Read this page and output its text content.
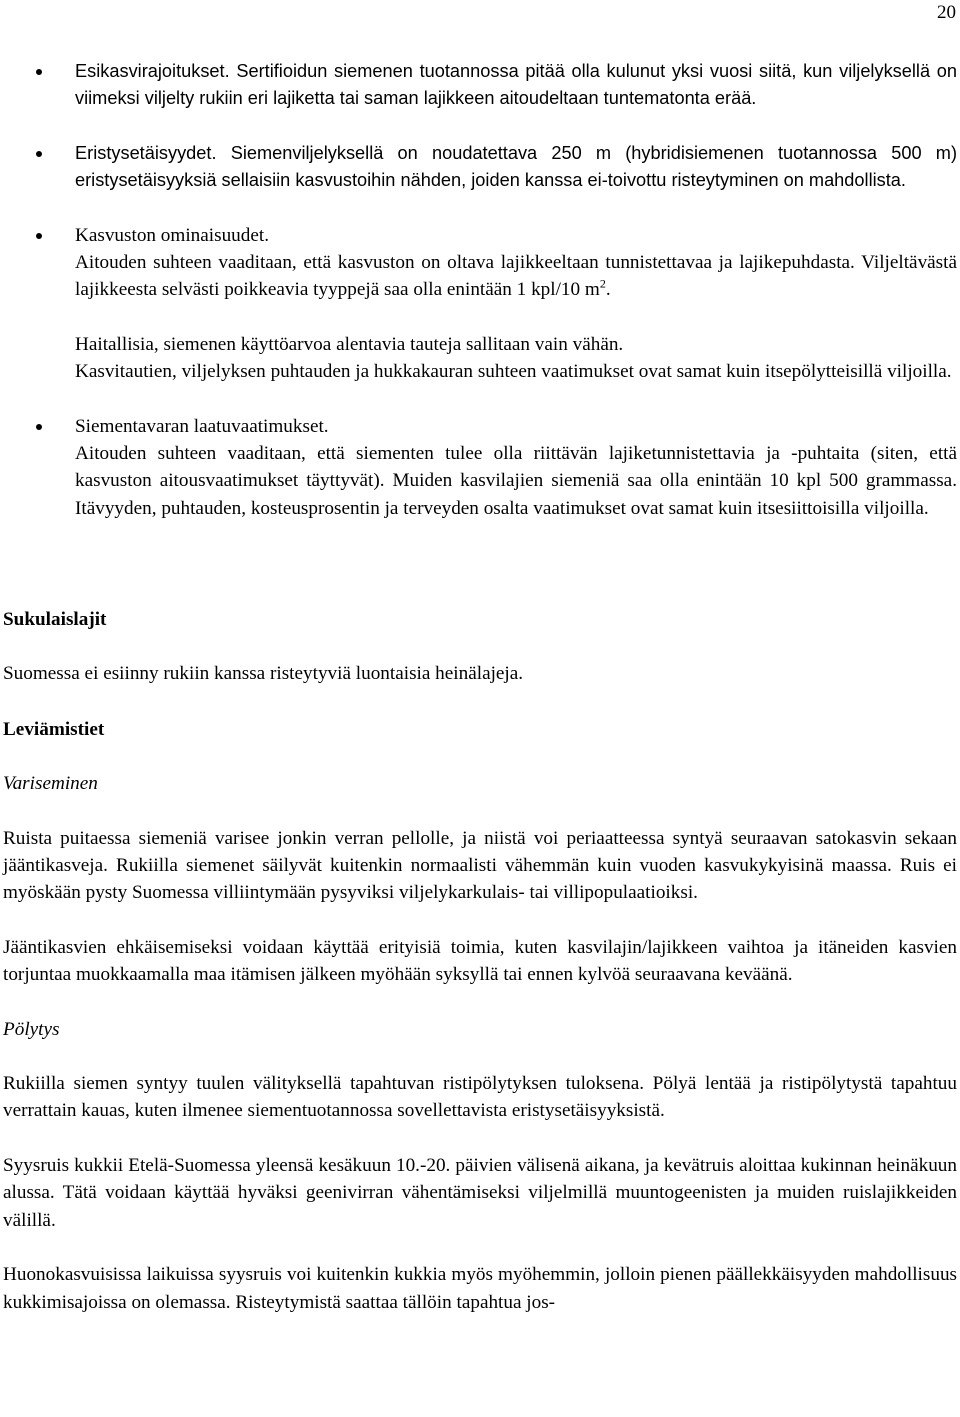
20

Esikasvirajoitukset. Sertifioidun siemenen tuotannossa pitää olla kulunut yksi vuosi siitä, kun viljelyksellä on viimeksi viljelty rukiin eri lajiketta tai saman lajikkeen aitoudeltaan tuntematonta erää.

Eristysetäisyydet. Siemenviljelyksellä on noudatettava 250 m (hybridisiemenen tuotannossa 500 m) eristysetäisyyksiä sellaisiin kasvustoihin nähden, joiden kanssa ei-toivottu risteytyminen on mahdollista.

Kasvuston ominaisuudet.

Aitouden suhteen vaaditaan, että kasvuston on oltava lajikkeeltaan tunnistettavaa ja lajikepuhdasta. Viljeltävästä lajikkeesta selvästi poikkeavia tyyppejä saa olla enintään 1 kpl/10 $m^2$.

Haitallisia, siemenen käyttöarvoa alentavia tauteja sallitaan vain vähän.

Kasvitautien, viljelyksen puhtauden ja hukkakauran suhteen vaatimukset ovat samat kuin itsepölytteisillä viljoilla.

Siementavaran laatuvaatimukset.

Aitouden suhteen vaaditaan, että siementen tulee olla riittävän lajiketunnistettavia ja -puhtaita (siten, että kasvuston aitousvaatimukset täyttyvät). Muiden kasvilajien siemeniä saa olla enintään 10 kpl 500 grammassa. Itävyyden, puhtauden, kosteusprosentin ja terveyden osalta vaatimukset ovat samat kuin itsesiittoisilla viljoilla.

Sukulaislajit

Suomessa ei esiinny rukiin kanssa risteytyviä luontaisia heinälajeja.

Leviämistiet

Variseminen

Ruista puitaessa siemeniä varisee jonkin verran pellolle, ja niistä voi periaatteessa syntyä seuraavan satokasvin sekaan jääntikasveja. Rukiilla siemenet säilyvät kuitenkin normaalisti vähemmän kuin vuoden kasvukykyisinä maassa. Ruis ei myöskään pysty Suomessa villiintymään pysyviksi viljelykarkulais- tai villipopulaatioiksi.

Jääntikasvien ehkäisemiseksi voidaan käyttää erityisiä toimia, kuten kasvilajin/lajikkeen vaihtoa ja itäneiden kasvien torjuntaa muokkaamalla maa itämisen jälkeen myöhään syksyllä tai ennen kylvöä seuraavana keväänä.

Pölytys

Rukiilla siemen syntyy tuulen välityksellä tapahtuvan ristipölytyksen tuloksena. Pölyä lentää ja ristipölytystä tapahtuu verrattain kauas, kuten ilmenee siementuotannossa sovellettavista eristysetäisyyksistä.

Syysruis kukkii Etelä-Suomessa yleensä kesäkuun 10.-20. päivien välisenä aikana, ja kevätruis aloittaa kukinnan heinäkuun alussa. Tätä voidaan käyttää hyväksi geenivirran vähentämiseksi viljelmillä muuntogeenisten ja muiden ruislajikkeiden välillä.

Huonokasvuisissa laikuissa syysruis voi kuitenkin kukkia myös myöhemmin, jolloin pienen päällekkäisyyden mahdollisuus kukkimisajoissa on olemassa. Risteytymistä saattaa tällöin tapahtua jos-
